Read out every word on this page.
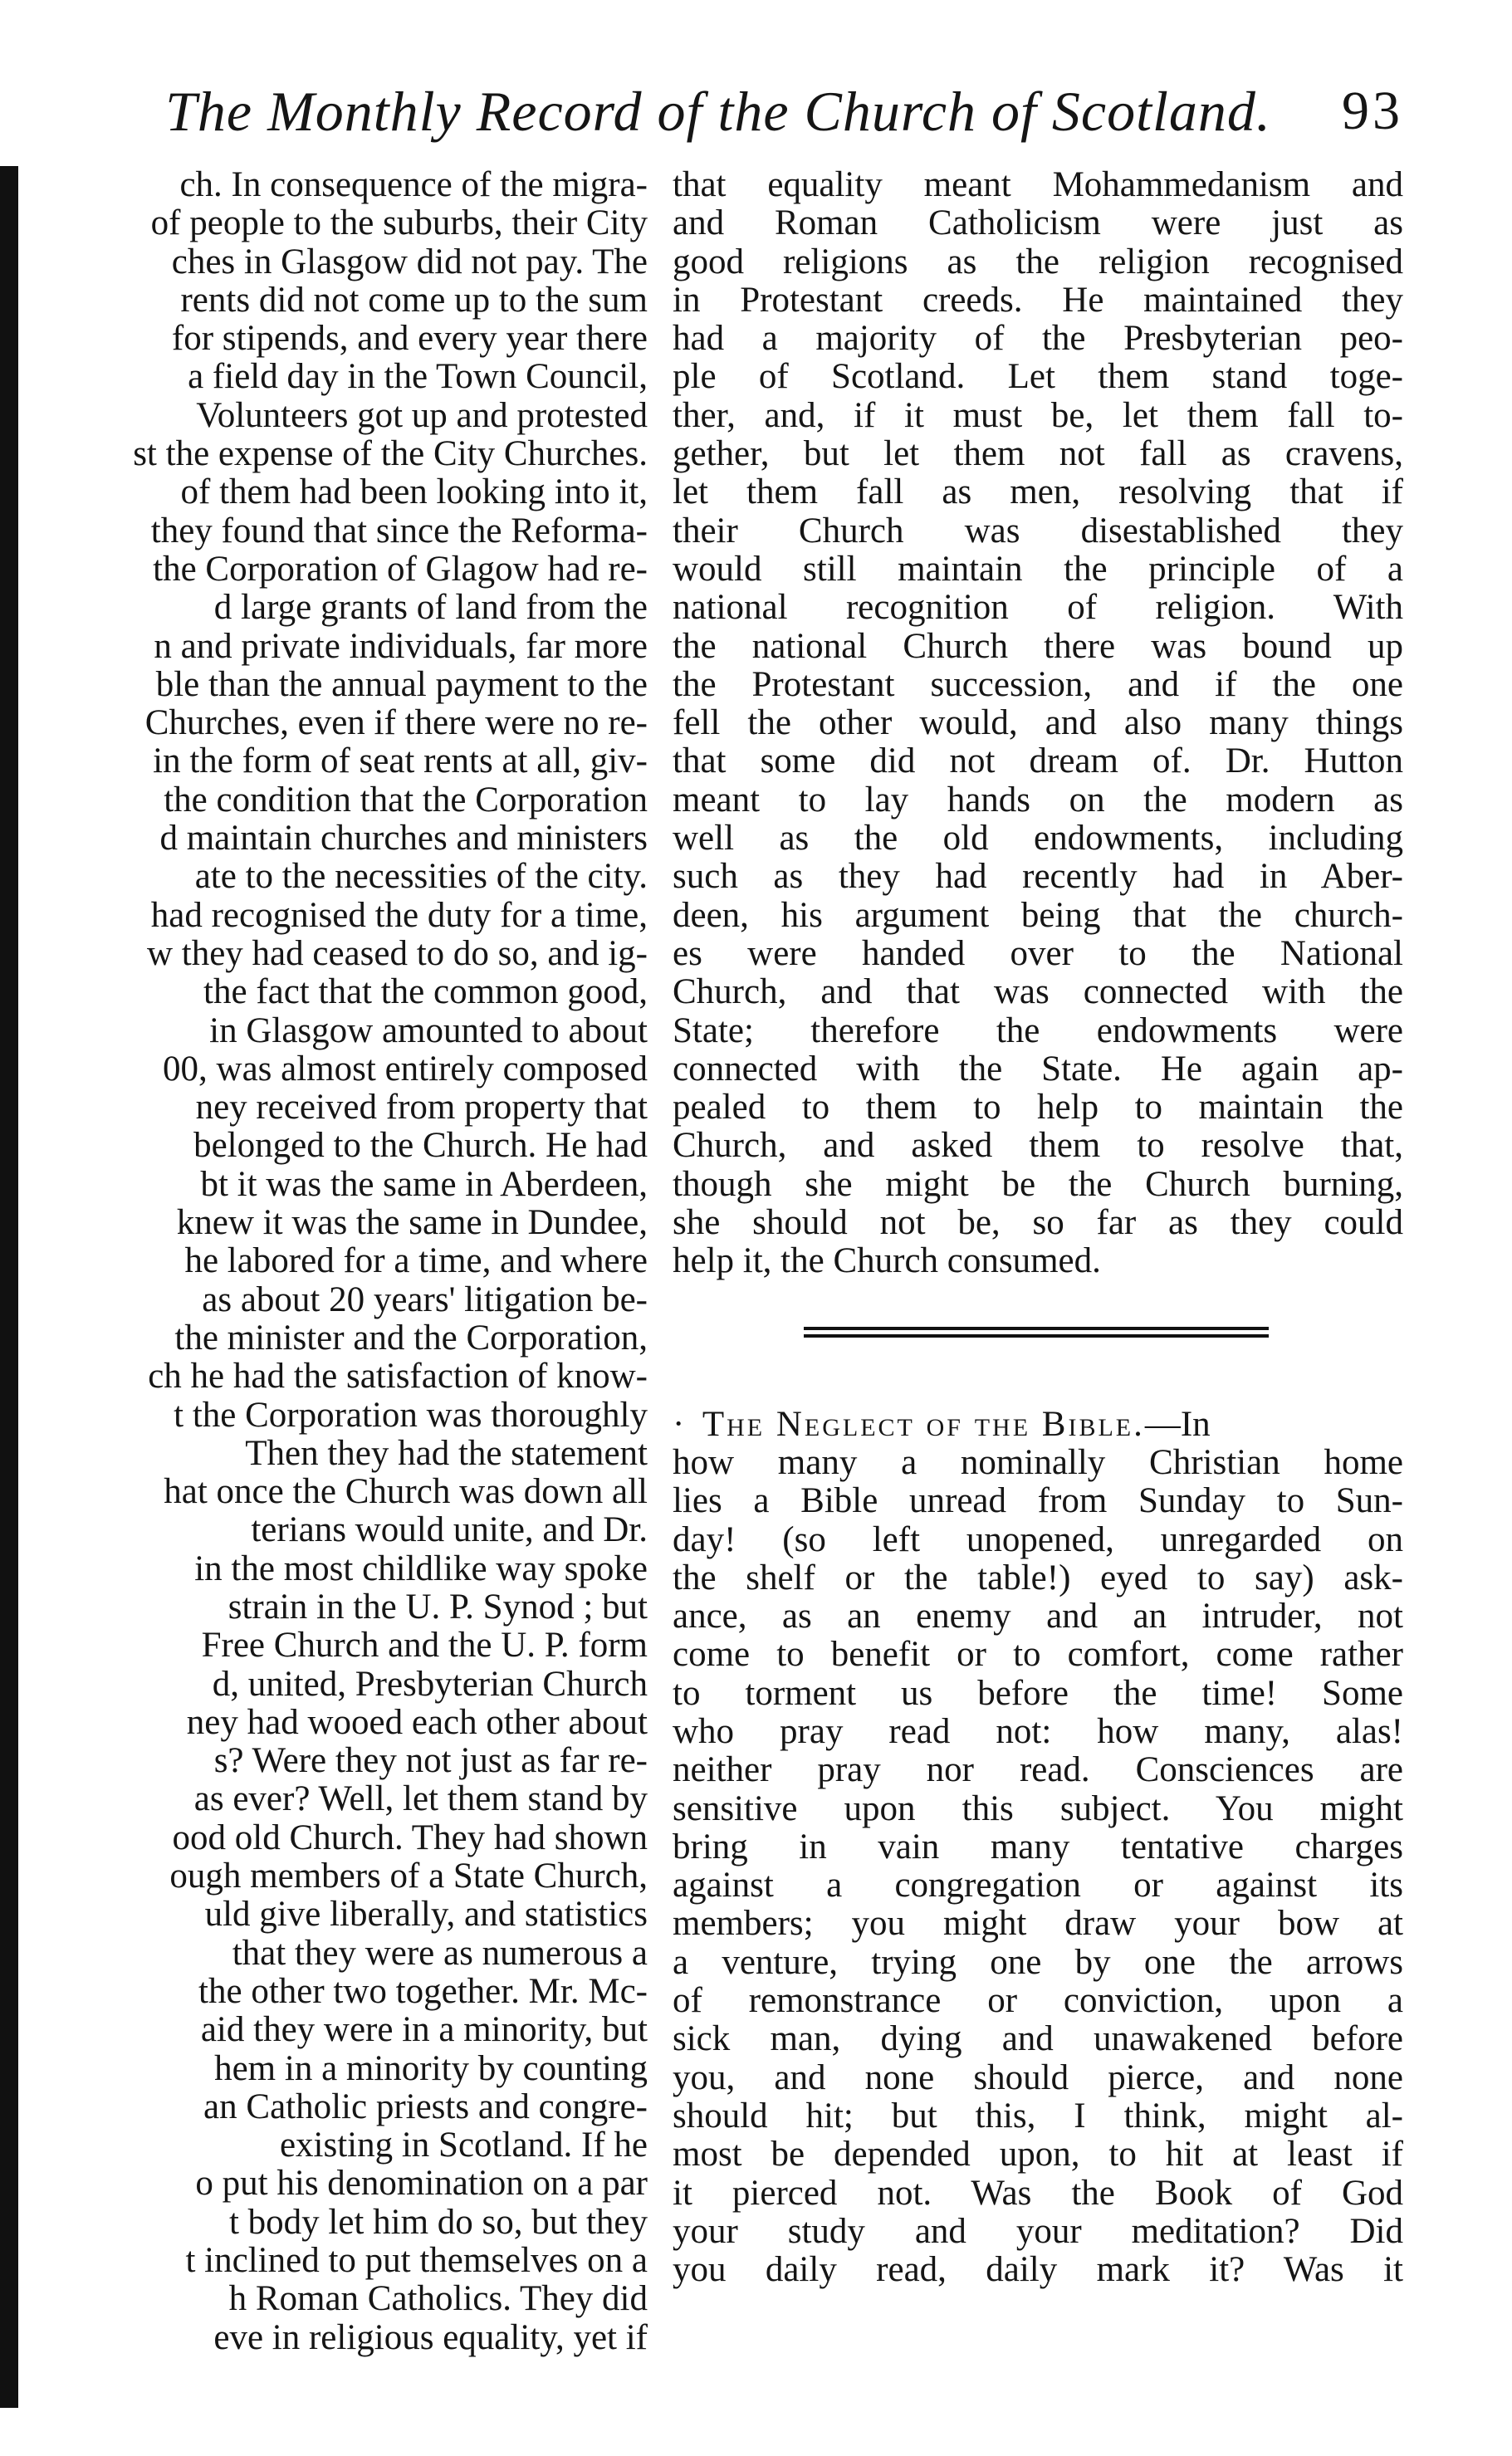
The Monthly Record of the Church of Scotland.	93
ch. In consequence of the migra-
of people to the suburbs, their City
ches in Glasgow did not pay. The
rents did not come up to the sum
for stipends, and every year there
a field day in the Town Council,
Volunteers got up and protested
st the expense of the City Churches.
of them had been looking into it,
they found that since the Reforma-
the Corporation of Glagow had re-
d large grants of land from the
n and private individuals, far more
ble than the annual payment to the
Churches, even if there were no re-
in the form of seat rents at all, giv-
the condition that the Corporation
d maintain churches and ministers
ate to the necessities of the city.
had recognised the duty for a time,
w they had ceased to do so, and ig-
the fact that the common good,
in Glasgow amounted to about
00, was almost entirely composed
ney received from property that
belonged to the Church. He had
bt it was the same in Aberdeen,
knew it was the same in Dundee,
he labored for a time, and where
as about 20 years' litigation be-
the minister and the Corporation,
ch he had the satisfaction of know-
t the Corporation was thoroughly
Then they had the statement
hat once the Church was down all
terians would unite, and Dr.
in the most childlike way spoke
strain in the U. P. Synod ; but
Free Church and the U. P. form
d, united, Presbyterian Church
ney had wooed each other about
s? Were they not just as far re-
as ever? Well, let them stand by
ood old Church. They had shown
ough members of a State Church,
uld give liberally, and statistics
that they were as numerous a
the other two together. Mr. Mc-
aid they were in a minority, but
hem in a minority by counting
an Catholic priests and congre-
existing in Scotland. If he
o put his denomination on a par
t body let him do so, but they
t inclined to put themselves on a
h Roman Catholics. They did
eve in religious equality, yet if
that equality meant Mohammedanism and
and Roman Catholicism were just as
good religions as the religion recognised
in Protestant creeds. He maintained they
had a majority of the Presbyterian peo-
ple of Scotland. Let them stand toge-
ther, and, if it must be, let them fall to-
gether, but let them not fall as cravens,
let them fall as men, resolving that if
their Church was disestablished they
would still maintain the principle of a
national recognition of religion. With
the national Church there was bound up
the Protestant succession, and if the one
fell the other would, and also many things
that some did not dream of. Dr. Hutton
meant to lay hands on the modern as
well as the old endowments, including
such as they had recently had in Aber-
deen, his argument being that the church-
es were handed over to the National
Church, and that was connected with the
State; therefore the endowments were
connected with the State. He again ap-
pealed to them to help to maintain the
Church, and asked them to resolve that,
though she might be the Church burning,
she should not be, so far as they could
help it, the Church consumed.
· The Neglect of the Bible.—In
how many a nominally Christian home
lies a Bible unread from Sunday to Sun-
day! (so left unopened, unregarded on
the shelf or the table!) eyed to say) ask-
ance, as an enemy and an intruder, not
come to benefit or to comfort, come rather
to torment us before the time! Some
who pray read not: how many, alas!
neither pray nor read. Consciences are
sensitive upon this subject. You might
bring in vain many tentative charges
against a congregation or against its
members; you might draw your bow at
a venture, trying one by one the arrows
of remonstrance or conviction, upon a
sick man, dying and unawakened before
you, and none should pierce, and none
should hit; but this, I think, might al-
most be depended upon, to hit at least if
it pierced not. Was the Book of God
your study and your meditation? Did
you daily read, daily mark it? Was it
